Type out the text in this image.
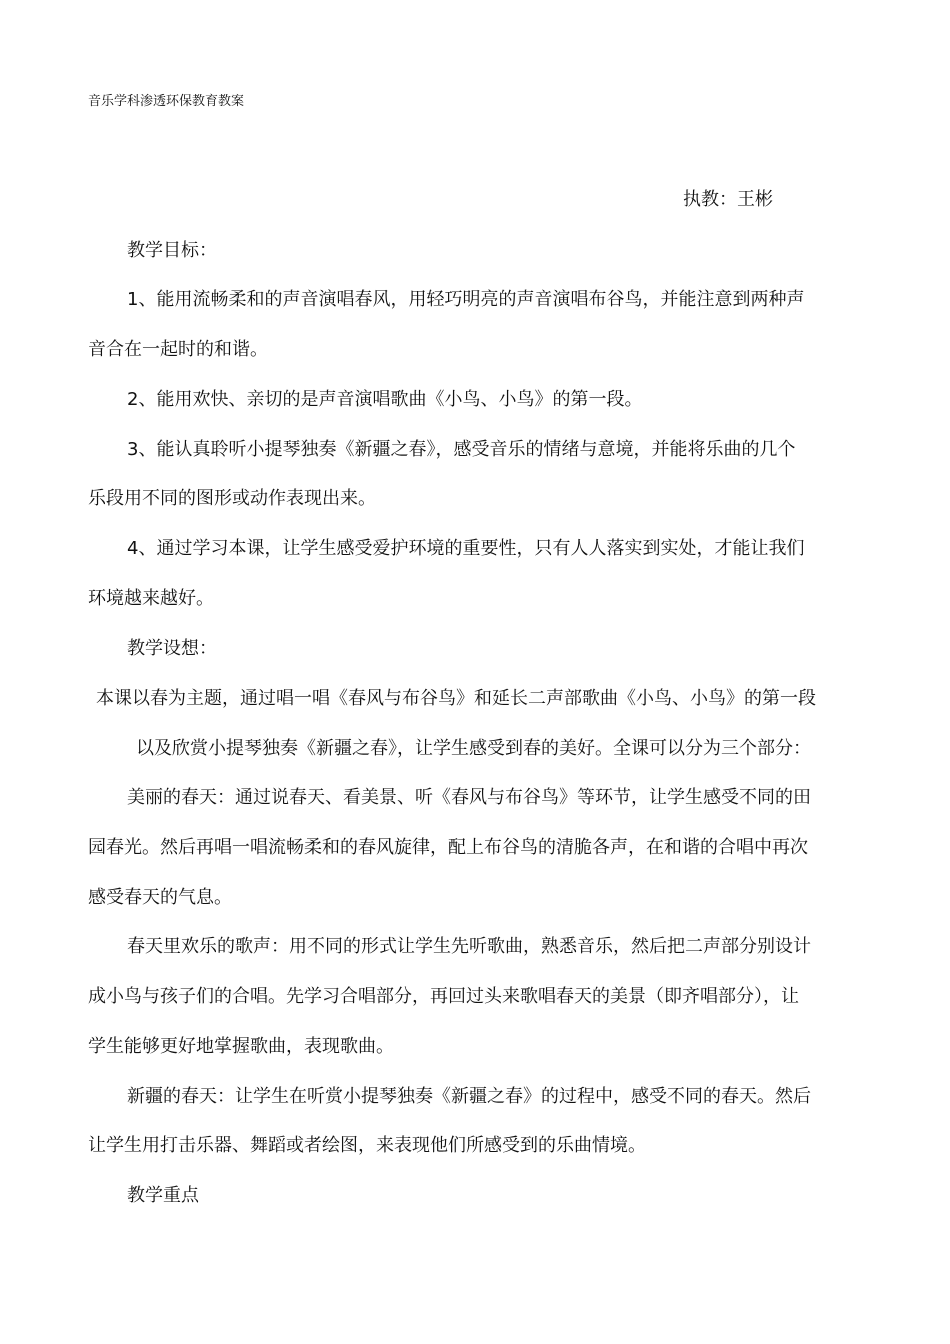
音乐学科渗透环保教育教案
执教：王彬
教学目标：
1、能用流畅柔和的声音演唱春风，用轻巧明亮的声音演唱布谷鸟，并能注意到两种声
音合在一起时的和谐。
2、能用欢快、亲切的是声音演唱歌曲《小鸟、小鸟》的第一段。
3、能认真聆听小提琴独奏《新疆之春》，感受音乐的情绪与意境，并能将乐曲的几个
乐段用不同的图形或动作表现出来。
4、通过学习本课，让学生感受爱护环境的重要性，只有人人落实到实处，才能让我们
环境越来越好。
教学设想：
本课以春为主题，通过唱一唱《春风与布谷鸟》和延长二声部歌曲《小鸟、小鸟》的第一段
以及欣赏小提琴独奏《新疆之春》，让学生感受到春的美好。全课可以分为三个部分：
美丽的春天：通过说春天、看美景、听《春风与布谷鸟》等环节，让学生感受不同的田
园春光。然后再唱一唱流畅柔和的春风旋律，配上布谷鸟的清脆各声，在和谐的合唱中再次
感受春天的气息。
春天里欢乐的歌声：用不同的形式让学生先听歌曲，熟悉音乐，然后把二声部分别设计
成小鸟与孩子们的合唱。先学习合唱部分，再回过头来歌唱春天的美景（即齐唱部分），让
学生能够更好地掌握歌曲，表现歌曲。
新疆的春天：让学生在听赏小提琴独奏《新疆之春》的过程中，感受不同的春天。然后
让学生用打击乐器、舞蹈或者绘图，来表现他们所感受到的乐曲情境。
教学重点
